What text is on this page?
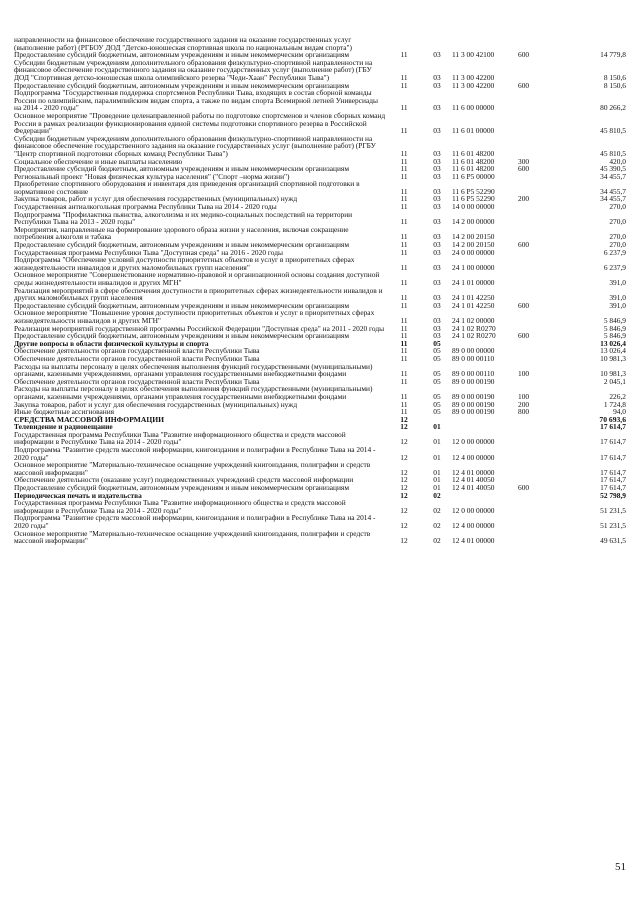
направленности на финансовое обеспечение государственного задания на оказание государственных услуг (выполнение работ) (РГБОУ ДОД "Детско-юношеская спортивная школа по национальным видам спорта")					
Предоставление субсидий бюджетным, автономным учреждениям и иным некоммерческим организациям	11	03	11 3 00 42100	600	14 779,8
Субсидии бюджетным учреждениям дополнительного образования физкультурно-спортивной направленности на финансовое обеспечение государственного задания на оказание государственных услуг (выполнение работ) (ГБУ ДОД "Спортивная детско-юношеская школа олимпийского резерва "Чеди-Хаан" Республики Тыва")	11	03	11 3 00 42200		8 150,6
Предоставление субсидий бюджетным, автономным учреждениям и иным некоммерческим организациям	11	03	11 3 00 42200	600	8 150,6
Подпрограмма "Государственная поддержка спортсменов Республики Тыва, входящих в состав сборной команды России по олимпийским, паралимпийским видам спорта, а также по видам спорта Всемирной летней Универсиады на 2014 - 2020 годы"	11	03	11 6 00 00000		80 266,2
Основное мероприятие "Проведение целенаправленной работы по подготовке спортсменов и членов сборных команд России в рамках реализации функционирования единой системы подготовки спортивного резерва в Российской Федерации"	11	03	11 6 01 00000		45 810,5
Субсидии бюджетным учреждениям дополнительного образования физкультурно-спортивной направленности на финансовое обеспечение государственного задания на оказание государственных услуг (выполнение работ) (РГБУ "Центр спортивной подготовки сборных команд Республики Тыва")	11	03	11 6 01 48200		45 810,5
Социальное обеспечение и иные выплаты населению	11	03	11 6 01 48200	300	420,0
Предоставление субсидий бюджетным, автономным учреждениям и иным некоммерческим организациям	11	03	11 6 01 48200	600	45 390,5
Региональный проект "Новая физическая культура населения" ("Спорт –норма жизни")	11	03	11 6 P5 00000		34 455,7
Приобретение спортивного оборудования и инвентаря для приведения организаций спортивной подготовки в нормативное состояние	11	03	11 6 P5 52290		34 455,7
Закупка товаров, работ и услуг для обеспечения государственных (муниципальных) нужд	11	03	11 6 P5 52290	200	34 455,7
Государственная антиалкогольная программа Республики Тыва на 2014 - 2020 годы	11	03	14 0 00 00000		270,0
Подпрограмма "Профилактика пьянства, алкоголизма и их медико-социальных последствий на территории Республики Тыва на 2013 - 2020 годы"	11	03	14 2 00 00000		270,0
Мероприятия, направленные на формирование здорового образа жизни у населения, включая сокращение потребления алкоголя и табака	11	03	14 2 00 20150		270,0
Предоставление субсидий бюджетным, автономным учреждениям и иным некоммерческим организациям	11	03	14 2 00 20150	600	270,0
Государственная программа Республики Тыва "Доступная среда" на 2016 - 2020 годы	11	03	24 0 00 00000		6 237,9
Подпрограмма "Обеспечение условий доступности приоритетных объектов и услуг в приоритетных сферах жизнедеятельности инвалидов и других маломобильных групп населения"	11	03	24 1 00 00000		6 237,9
Основное мероприятие "Совершенствование нормативно-правовой и организационной основы создания доступной среды жизнедеятельности инвалидов и других МГН"	11	03	24 1 01 00000		391,0
Реализация мероприятий в сфере обеспечения доступности в приоритетных сферах жизнедеятельности инвалидов и других маломобильных групп населения	11	03	24 1 01 42250		391,0
Предоставление субсидий бюджетным, автономным учреждениям и иным некоммерческим организациям	11	03	24 1 01 42250	600	391,0
Основное мероприятие "Повышение уровня доступности приоритетных объектов и услуг в приоритетных сферах жизнедеятельности инвалидов и других МГН"	11	03	24 1 02 00000		5 846,9
Реализация мероприятий государственной программы Российской Федерации "Доступная среда" на 2011 - 2020 годы	11	03	24 1 02 R0270		5 846,9
Предоставление субсидий бюджетным, автономным учреждениям и иным некоммерческим организациям	11	03	24 1 02 R0270	600	5 846,9
Другие вопросы в области физической культуры и спорта	11	05			13 026,4
Обеспечение деятельности органов государственной власти Республики Тыва	11	05	89 0 00 00000		13 026,4
Обеспечение деятельности органов государственной власти Республики Тыва	11	05	89 0 00 00110		10 981,3
Расходы на выплаты персоналу в целях обеспечения выполнения функций государственными (муниципальными) органами, казенными учреждениями, органами управления государственными внебюджетными фондами	11	05	89 0 00 00110	100	10 981,3
Обеспечение деятельности органов государственной власти Республики Тыва	11	05	89 0 00 00190		2 045,1
Расходы на выплаты персоналу в целях обеспечения выполнения функций государственными (муниципальными) органами, казенными учреждениями, органами управления государственными внебюджетными фондами	11	05	89 0 00 00190	100	226,2
Закупка товаров, работ и услуг для обеспечения государственных (муниципальных) нужд	11	05	89 0 00 00190	200	1 724,8
Иные бюджетные ассигнования	11	05	89 0 00 00190	800	94,0
СРЕДСТВА МАССОВОЙ ИНФОРМАЦИИ	12				70 693,6
Телевидение и радиовещание	12	01			17 614,7
Государственная программа Республики Тыва "Развитие информационного общества и средств массовой информации в Республике Тыва на 2014 - 2020 годы"	12	01	12 0 00 00000		17 614,7
Подпрограмма "Развитие средств массовой информации, книгоиздания и полиграфии в Республике Тыва на 2014 - 2020 годы"	12	01	12 4 00 00000		17 614,7
Основное мероприятие "Материально-техническое оснащение учреждений книгоиздания, полиграфии и средств массовой информации"	12	01	12 4 01 00000		17 614,7
Обеспечение деятельности (оказание услуг) подведомственных учреждений средств массовой информации	12	01	12 4 01 40050		17 614,7
Предоставление субсидий бюджетным, автономным учреждениям и иным некоммерческим организациям	12	01	12 4 01 40050	600	17 614,7
Периодическая печать и издательства	12	02			52 798,9
Государственная программа Республики Тыва "Развитие информационного общества и средств массовой информации в Республике Тыва на 2014 - 2020 годы"	12	02	12 0 00 00000		51 231,5
Подпрограмма "Развитие средств массовой информации, книгоиздания и полиграфии в Республике Тыва на 2014 - 2020 годы"	12	02	12 4 00 00000		51 231,5
Основное мероприятие "Материально-техническое оснащение учреждений книгоиздания, полиграфии и средств массовой информации"	12	02	12 4 01 00000		49 631,5
51
